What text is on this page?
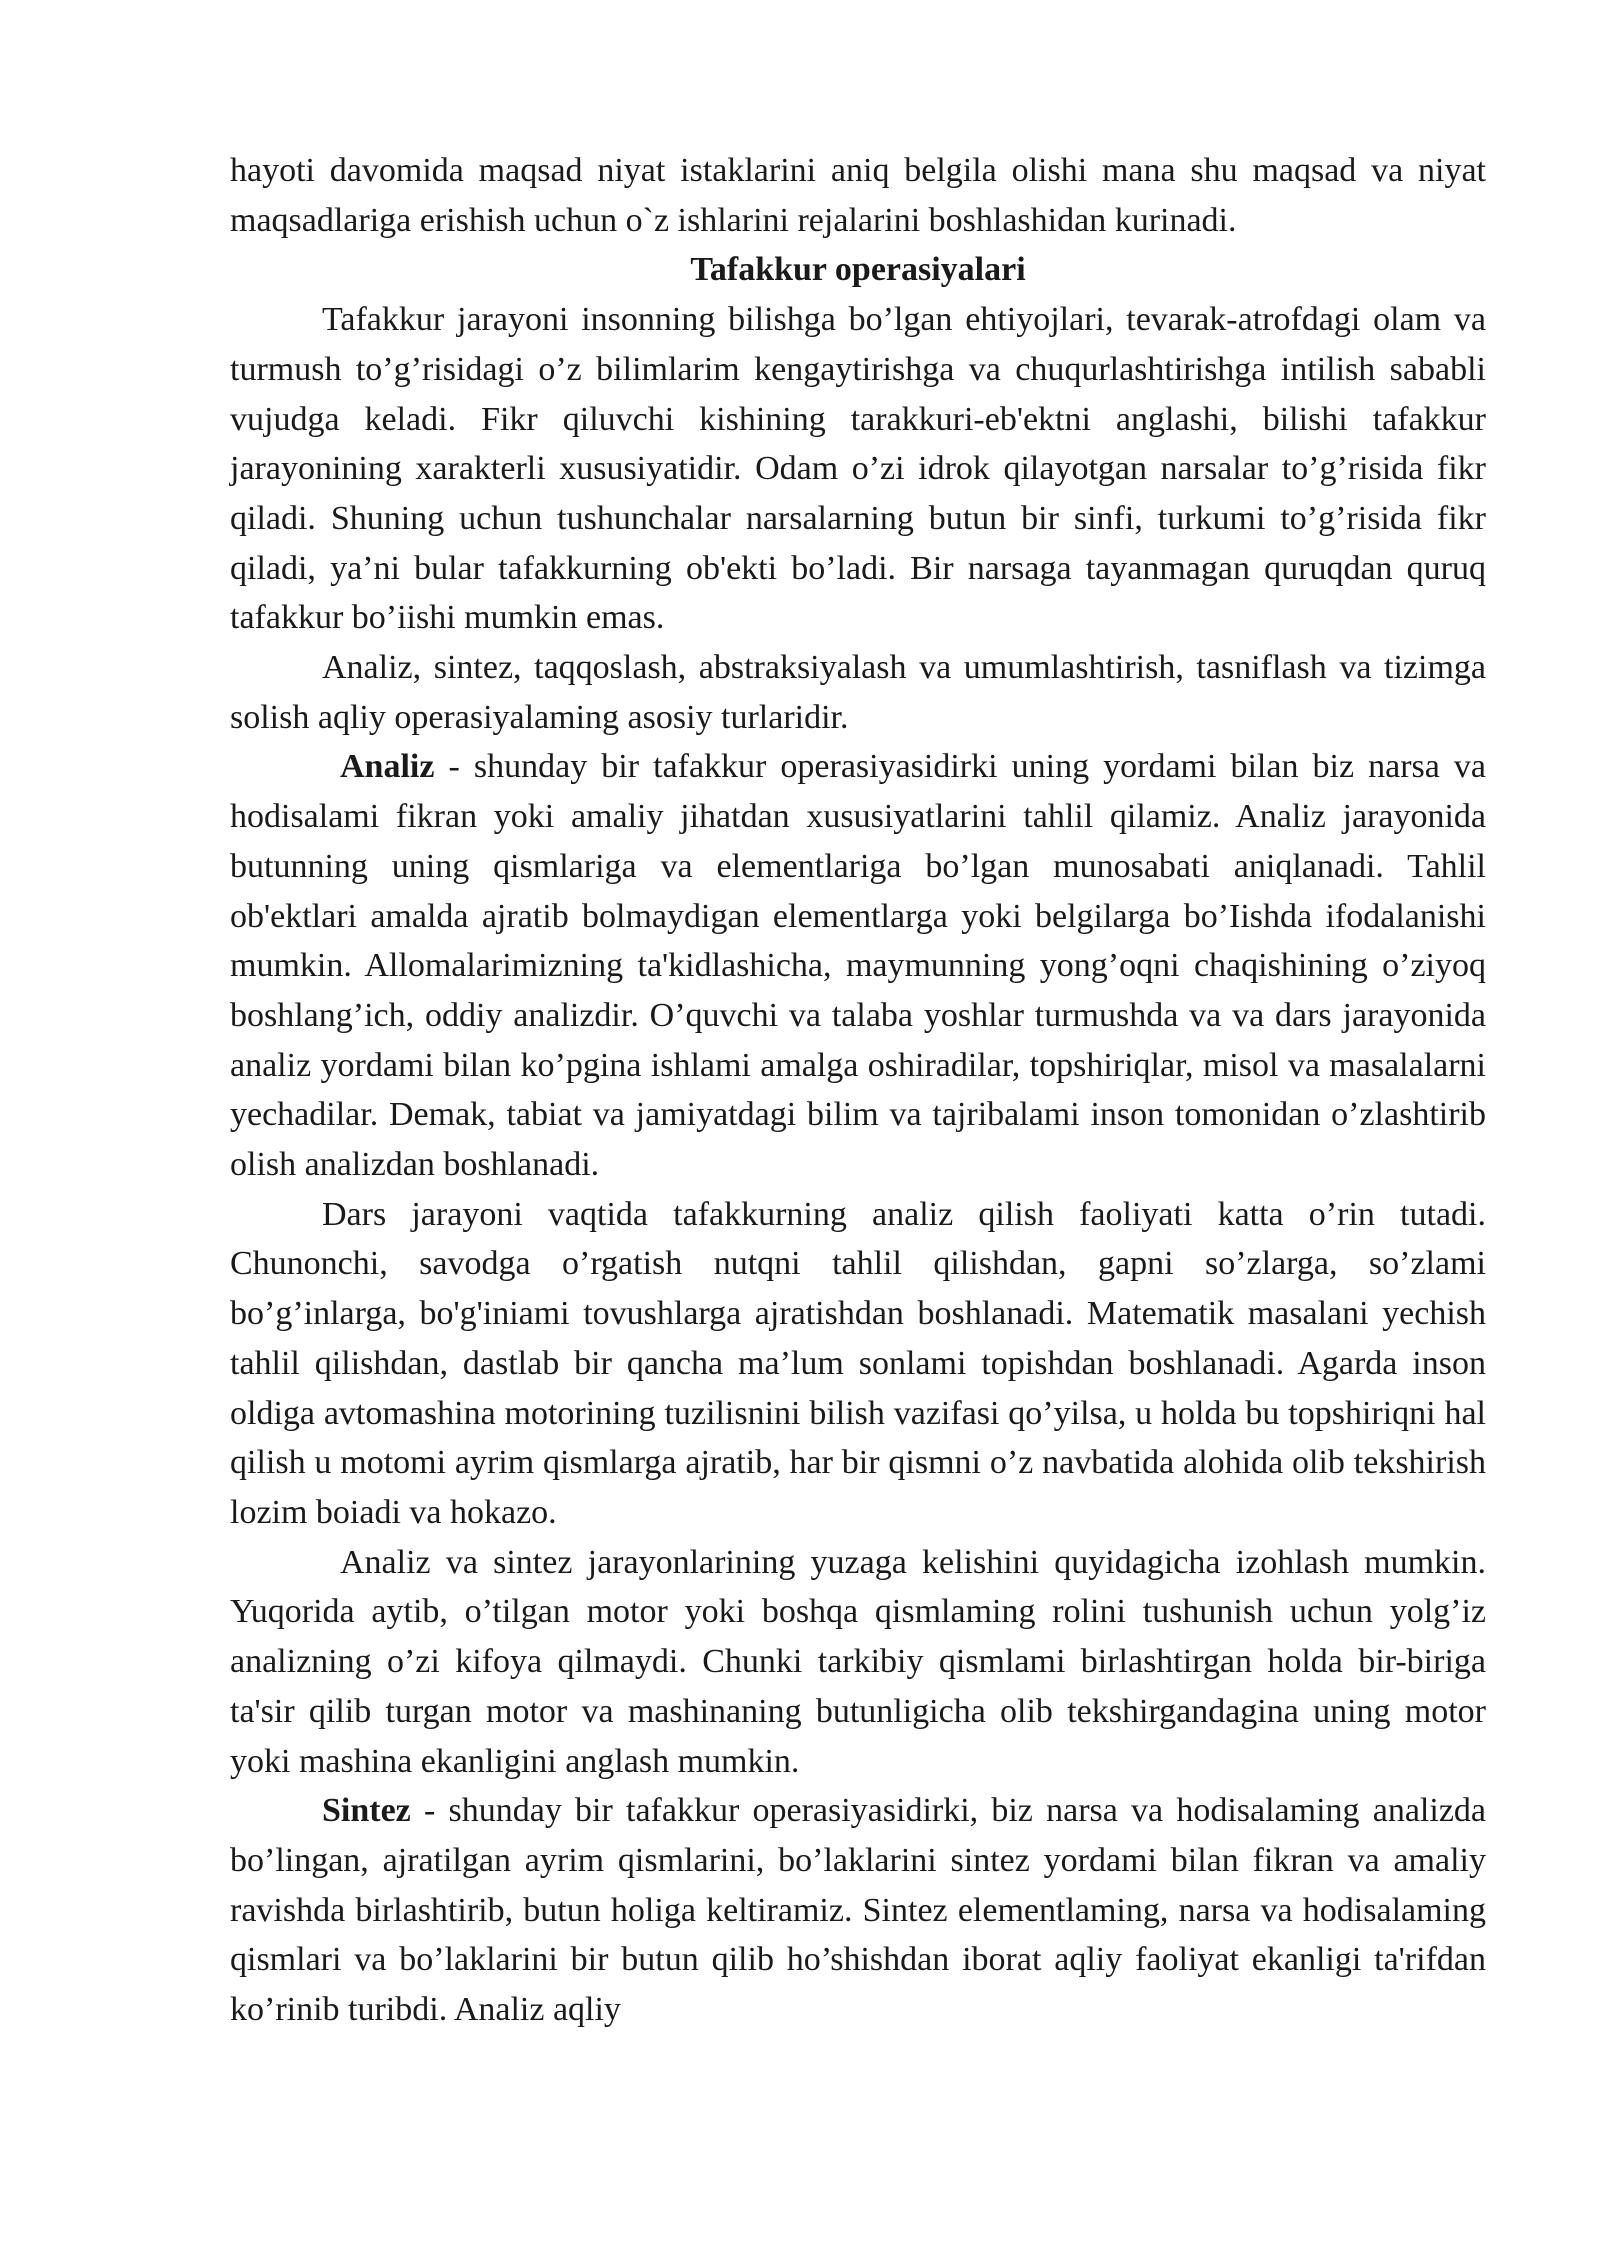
hayoti davomida maqsad niyat istaklarini aniq belgila olishi mana shu maqsad va niyat maqsadlariga erishish uchun o`z ishlarini rejalarini boshlashidan kurinadi.

Tafakkur operasiyalari

Tafakkur jarayoni insonning bilishga bo’lgan ehtiyojlari, tevarak-atrofdagi olam va turmush to’g’risidagi o’z bilimlarim kengaytirishga va chuqurlashtirishga intilish sababli vujudga keladi. Fikr qiluvchi kishining tarakkuri-eb'ektni anglashi, bilishi tafakkur jarayonining xarakterli xususiyatidir. Odam o’zi idrok qilayotgan narsalar to’g’risida fikr qiladi. Shuning uchun tushunchalar narsalarning butun bir sinfi, turkumi to’g’risida fikr qiladi, ya’ni bular tafakkurning ob'ekti bo’ladi. Bir narsaga tayanmagan quruqdan quruq tafakkur bo’iishi mumkin emas.

Analiz, sintez, taqqoslash, abstraksiyalash va umumlashtirish, tasniflash va tizimga solish aqliy operasiyalaming asosiy turlaridir.

Analiz - shunday bir tafakkur operasiyasidirki uning yordami bilan biz narsa va hodisalami fikran yoki amaliy jihatdan xususiyatlarini tahlil qilamiz. Analiz jarayonida butunning uning qismlariga va elementlariga bo’lgan munosabati aniqlanadi. Tahlil ob'ektlari amalda ajratib bolmaydigan elementlarga yoki belgilarga bo’Iishda ifodalanishi mumkin. Allomalarimizning ta'kidlashicha, maymunning yong’oqni chaqishining o’ziyoq boshlang’ich, oddiy analizdir. O’quvchi va talaba yoshlar turmushda va va dars jarayonida analiz yordami bilan ko’pgina ishlami amalga oshiradilar, topshiriqlar, misol va masalalarni yechadilar. Demak, tabiat va jamiyatdagi bilim va tajribalami inson tomonidan o’zlashtirib olish analizdan boshlanadi.

Dars jarayoni vaqtida tafakkurning analiz qilish faoliyati katta o’rin tutadi. Chunonchi, savodga o’rgatish nutqni tahlil qilishdan, gapni so’zlarga, so’zlami bo’g’inlarga, bo'g'iniami tovushlarga ajratishdan boshlanadi. Matematik masalani yechish tahlil qilishdan, dastlab bir qancha ma’lum sonlami topishdan boshlanadi. Agarda inson oldiga avtomashina motorining tuzilisnini bilish vazifasi qo’yilsa, u holda bu topshiriqni hal qilish u motomi ayrim qismlarga ajratib, har bir qismni o’z navbatida alohida olib tekshirish lozim boiadi va hokazo.

Analiz va sintez jarayonlarining yuzaga kelishini quyidagicha izohlash mumkin. Yuqorida aytib, o’tilgan motor yoki boshqa qismlaming rolini tushunish uchun yolg’iz analizning o’zi kifoya qilmaydi. Chunki tarkibiy qismlami birlashtirgan holda bir-biriga ta'sir qilib turgan motor va mashinaning butunligicha olib tekshirgandagina uning motor yoki mashina ekanligini anglash mumkin.

Sintez - shunday bir tafakkur operasiyasidirki, biz narsa va hodisalaming analizda bo’lingan, ajratilgan ayrim qismlarini, bo’laklarini sintez yordami bilan fikran va amaliy ravishda birlashtirib, butun holiga keltiramiz. Sintez elementlaming, narsa va hodisalaming qismlari va bo’laklarini bir butun qilib ho’shishdan iborat aqliy faoliyat ekanligi ta'rifdan ko’rinib turibdi. Analiz aqliy
